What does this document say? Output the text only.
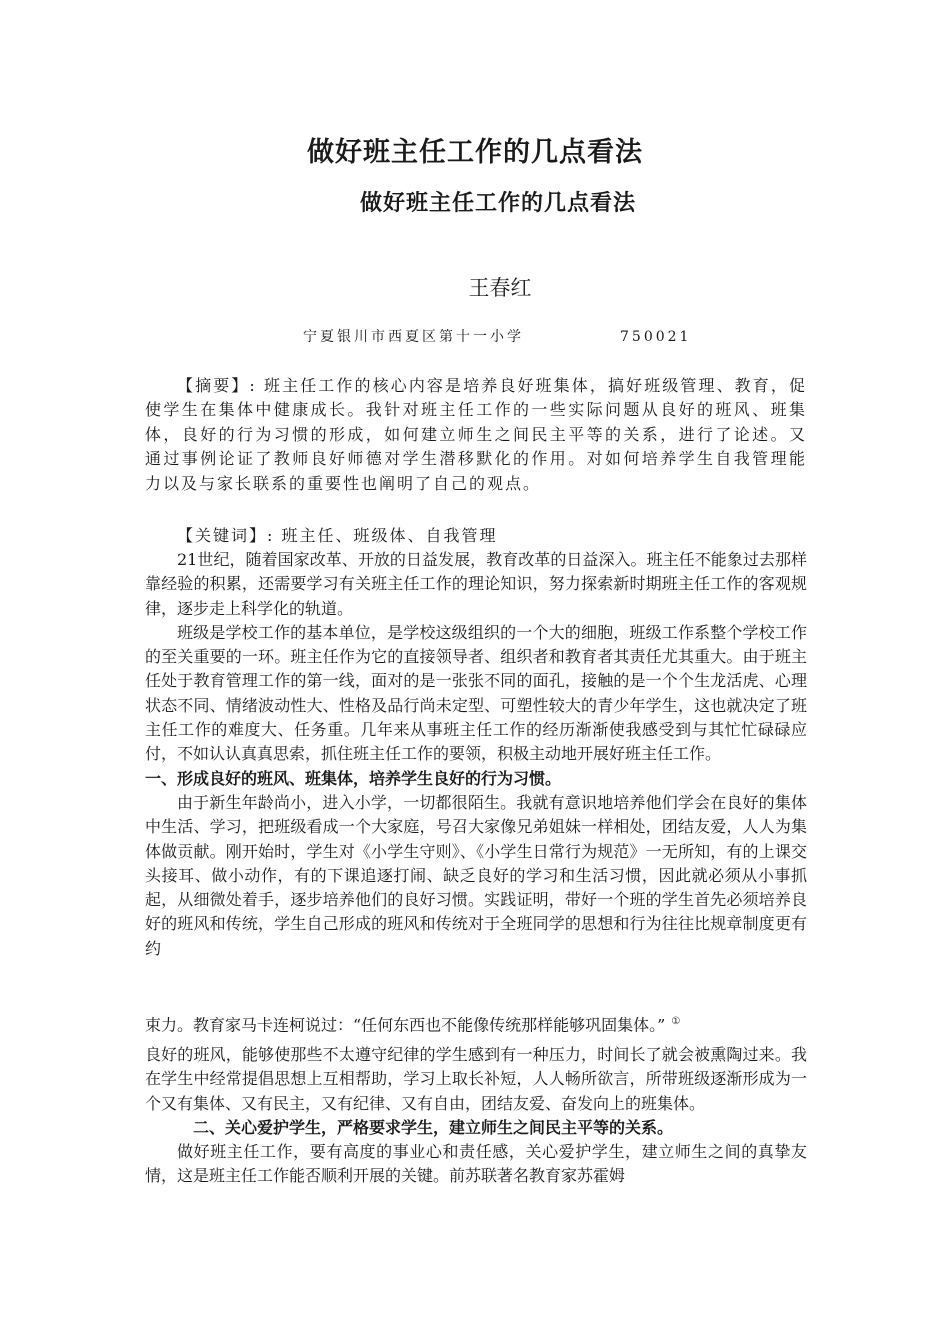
做好班主任工作的几点看法
做好班主任工作的几点看法
王春红
宁夏银川市西夏区第十一小学	750021

【摘要】: 班主任工作的核心内容是培养良好班集体，搞好班级管理、教育，促使学生在集体中健康成长。我针对班主任工作的一些实际问题从良好的班风、班集体，良好的行为习惯的形成，如何建立师生之间民主平等的关系，进行了论述。又通过事例论证了教师良好师德对学生潜移默化的作用。对如何培养学生自我管理能力以及与家长联系的重要性也阐明了自己的观点。

【关键词】: 班主任、班级体、自我管理

21世纪，随着国家改革、开放的日益发展，教育改革的日益深入。班主任不能象过去那样靠经验的积累，还需要学习有关班主任工作的理论知识，努力探索新时期班主任工作的客观规律，逐步走上科学化的轨道。

班级是学校工作的基本单位，是学校这级组织的一个大的细胞，班级工作系整个学校工作的至关重要的一环。班主任作为它的直接领导者、组织者和教育者其责任尤其重大。由于班主任处于教育管理工作的第一线，面对的是一张张不同的面孔，接触的是一个个生龙活虎、心理状态不同、情绪波动性大、性格及品行尚未定型、可塑性较大的青少年学生，这也就决定了班主任工作的难度大、任务重。几年来从事班主任工作的经历渐渐使我感受到与其忙忙碌碌应付，不如认认真真思索，抓住班主任工作的要领，积极主动地开展好班主任工作。

一、形成良好的班风、班集体，培养学生良好的行为习惯。

由于新生年龄尚小，进入小学，一切都很陌生。我就有意识地培养他们学会在良好的集体中生活、学习，把班级看成一个大家庭，号召大家像兄弟姐妹一样相处，团结友爱，人人为集体做贡献。刚开始时，学生对《小学生守则》、《小学生日常行为规范》一无所知，有的上课交头接耳、做小动作，有的下课追逐打闹、缺乏良好的学习和生活习惯，因此就必须从小事抓起，从细微处着手，逐步培养他们的良好习惯。实践证明，带好一个班的学生首先必须培养良好的班风和传统，学生自己形成的班风和传统对于全班同学的思想和行为往往比规章制度更有约

束力。教育家马卡连柯说过：“任何东西也不能像传统那样能够巩固集体。” ①

良好的班风，能够使那些不太遵守纪律的学生感到有一种压力，时间长了就会被熏陶过来。我在学生中经常提倡思想上互相帮助，学习上取长补短，人人畅所欲言，所带班级逐渐形成为一个又有集体、又有民主，又有纪律、又有自由，团结友爱、奋发向上的班集体。

二、关心爱护学生，严格要求学生，建立师生之间民主平等的关系。

做好班主任工作，要有高度的事业心和责任感，关心爱护学生，建立师生之间的真挚友情，这是班主任工作能否顺利开展的关键。前苏联著名教育家苏霍姆
